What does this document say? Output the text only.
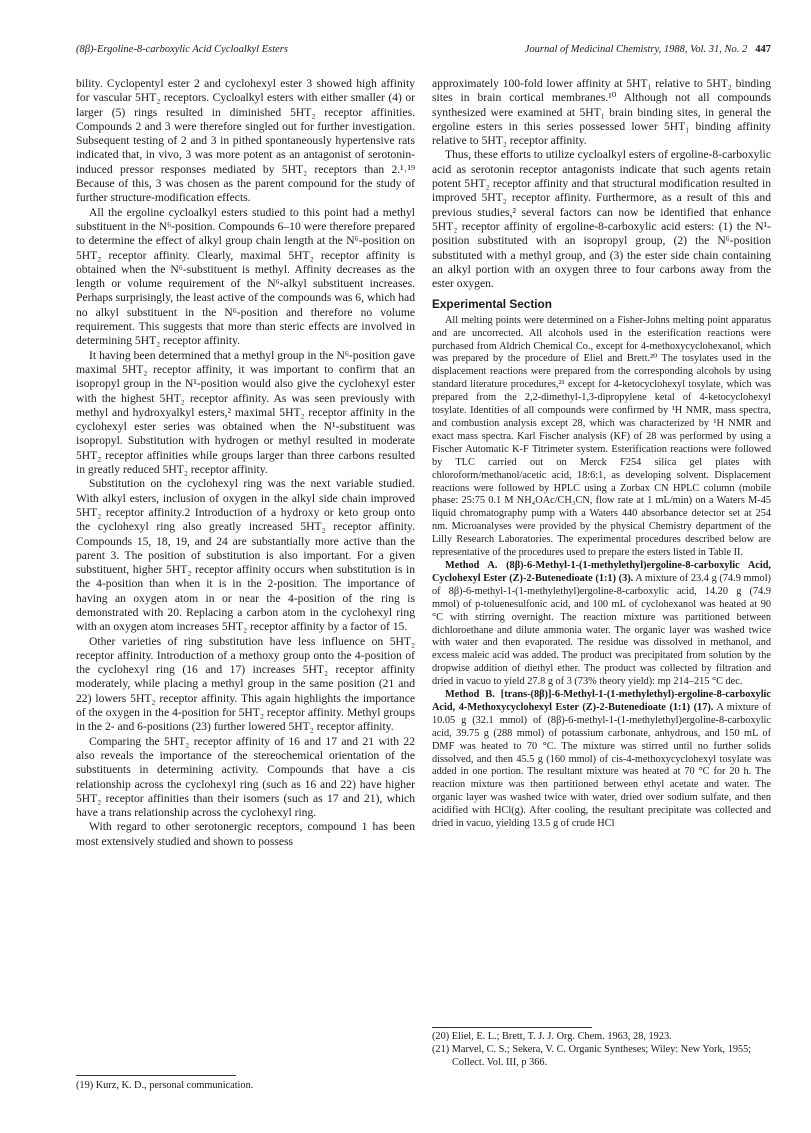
(8β)-Ergoline-8-carboxylic Acid Cycloalkyl Esters	Journal of Medicinal Chemistry, 1988, Vol. 31, No. 2 447

bility. Cyclopentyl ester 2 and cyclohexyl ester 3 showed high affinity for vascular 5HT₂ receptors. Cycloalkyl esters with either smaller (4) or larger (5) rings resulted in diminished 5HT₂ receptor affinities. Compounds 2 and 3 were therefore singled out for further investigation. Subsequent testing of 2 and 3 in pithed spontaneously hypertensive rats indicated that, in vivo, 3 was more potent as an antagonist of serotonin-induced pressor responses mediated by 5HT₂ receptors than 2.¹˒¹⁹ Because of this, 3 was chosen as the parent compound for the study of further structure-modification effects.

All the ergoline cycloalkyl esters studied to this point had a methyl substituent in the N⁶-position. Compounds 6–10 were therefore prepared to determine the effect of alkyl group chain length at the N⁶-position on 5HT₂ receptor affinity. Clearly, maximal 5HT₂ receptor affinity is obtained when the N⁶-substituent is methyl. Affinity decreases as the length or volume requirement of the N⁶-alkyl substituent increases. Perhaps surprisingly, the least active of the compounds was 6, which had no alkyl substituent in the N⁶-position and therefore no volume requirement. This suggests that more than steric effects are involved in determining 5HT₂ receptor affinity.

It having been determined that a methyl group in the N⁶-position gave maximal 5HT₂ receptor affinity, it was important to confirm that an isopropyl group in the N¹-position would also give the cyclohexyl ester with the highest 5HT₂ receptor affinity. As was seen previously with methyl and hydroxyalkyl esters,² maximal 5HT₂ receptor affinity in the cyclohexyl ester series was obtained when the N¹-substituent was isopropyl. Substitution with hydrogen or methyl resulted in moderate 5HT₂ receptor affinities while groups larger than three carbons resulted in greatly reduced 5HT₂ receptor affinity.

Substitution on the cyclohexyl ring was the next variable studied. With alkyl esters, inclusion of oxygen in the alkyl side chain improved 5HT₂ receptor affinity.2 Introduction of a hydroxy or keto group onto the cyclohexyl ring also greatly increased 5HT₂ receptor affinity. Compounds 15, 18, 19, and 24 are substantially more active than the parent 3. The position of substitution is also important. For a given substituent, higher 5HT₂ receptor affinity occurs when substitution is in the 4-position than when it is in the 2-position. The importance of having an oxygen atom in or near the 4-position of the ring is demonstrated with 20. Replacing a carbon atom in the cyclohexyl ring with an oxygen atom increases 5HT₂ receptor affinity by a factor of 15.

Other varieties of ring substitution have less influence on 5HT₂ receptor affinity. Introduction of a methoxy group onto the 4-position of the cyclohexyl ring (16 and 17) increases 5HT₂ receptor affinity moderately, while placing a methyl group in the same position (21 and 22) lowers 5HT₂ receptor affinity. This again highlights the importance of the oxygen in the 4-position for 5HT₂ receptor affinity. Methyl groups in the 2- and 6-positions (23) further lowered 5HT₂ receptor affinity.

Comparing the 5HT₂ receptor affinity of 16 and 17 and 21 with 22 also reveals the importance of the stereochemical orientation of the substituents in determining activity. Compounds that have a cis relationship across the cyclohexyl ring (such as 16 and 22) have higher 5HT₂ receptor affinities than their isomers (such as 17 and 21), which have a trans relationship across the cyclohexyl ring.

With regard to other serotonergic receptors, compound 1 has been most extensively studied and shown to possess

approximately 100-fold lower affinity at 5HT₁ relative to 5HT₂ binding sites in brain cortical membranes.¹⁰ Although not all compounds synthesized were examined at 5HT₁ brain binding sites, in general the ergoline esters in this series possessed lower 5HT₁ binding affinity relative to 5HT₂ receptor affinity.

Thus, these efforts to utilize cycloalkyl esters of ergoline-8-carboxylic acid as serotonin receptor antagonists indicate that such agents retain potent 5HT₂ receptor affinity and that structural modification resulted in improved 5HT₂ receptor affinity. Furthermore, as a result of this and previous studies,² several factors can now be identified that enhance 5HT₂ receptor affinity of ergoline-8-carboxylic acid esters: (1) the N¹-position substituted with an isopropyl group, (2) the N⁶-position substituted with a methyl group, and (3) the ester side chain containing an alkyl portion with an oxygen three to four carbons away from the ester oxygen.

Experimental Section

All melting points were determined on a Fisher-Johns melting point apparatus and are uncorrected. All alcohols used in the esterification reactions were purchased from Aldrich Chemical Co., except for 4-methoxycyclohexanol, which was prepared by the procedure of Eliel and Brett.²⁰ The tosylates used in the displacement reactions were prepared from the corresponding alcohols by using standard literature procedures,²¹ except for 4-ketocyclohexyl tosylate, which was prepared from the 2,2-dimethyl-1,3-dipropylene ketal of 4-ketocyclohexyl tosylate. Identities of all compounds were confirmed by ¹H NMR, mass spectra, and combustion analysis except 28, which was characterized by ¹H NMR and exact mass spectra. Karl Fischer analysis (KF) of 28 was performed by using a Fischer Automatic K-F Titrimeter system. Esterification reactions were followed by TLC carried out on Merck F254 silica gel plates with chloroform/methanol/acetic acid, 18:6:1, as developing solvent. Displacement reactions were followed by HPLC using a Zorbax CN HPLC column (mobile phase: 25:75 0.1 M NH₄OAc/CH₃CN, flow rate at 1 mL/min) on a Waters M-45 liquid chromatography pump with a Waters 440 absorbance detector set at 254 nm. Microanalyses were provided by the physical Chemistry department of the Lilly Research Laboratories. The experimental procedures described below are representative of the procedures used to prepare the esters listed in Table II.

Method A. (8β)-6-Methyl-1-(1-methylethyl)ergoline-8-carboxylic Acid, Cyclohexyl Ester (Z)-2-Butenedioate (1:1) (3). A mixture of 23.4 g (74.9 mmol) of 8β)-6-methyl-1-(1-methylethyl)ergoline-8-carboxylic acid, 14.20 g (74.9 mmol) of p-toluenesulfonic acid, and 100 mL of cyclohexanol was heated at 90 °C with stirring overnight. The reaction mixture was partitioned between dichloroethane and dilute ammonia water. The organic layer was washed twice with water and then evaporated. The residue was dissolved in methanol, and excess maleic acid was added. The product was precipitated from solution by the dropwise addition of diethyl ether. The product was collected by filtration and dried in vacuo to yield 27.8 g of 3 (73% theory yield): mp 214–215 °C dec.

Method B. [trans-(8β)]-6-Methyl-1-(1-methylethyl)-ergoline-8-carboxylic Acid, 4-Methoxycyclohexyl Ester (Z)-2-Butenedioate (1:1) (17). A mixture of 10.05 g (32.1 mmol) of (8β)-6-methyl-1-(1-methylethyl)ergoline-8-carboxylic acid, 39.75 g (288 mmol) of potassium carbonate, anhydrous, and 150 mL of DMF was heated to 70 °C. The mixture was stirred until no further solids dissolved, and then 45.5 g (160 mmol) of cis-4-methoxycyclohexyl tosylate was added in one portion. The resultant mixture was heated at 70 °C for 20 h. The reaction mixture was then partitioned between ethyl acetate and water. The organic layer was washed twice with water, dried over sodium sulfate, and then acidified with HCl(g). After cooling, the resultant precipitate was collected and dried in vacuo, yielding 13.5 g of crude HCl

(19) Kurz, K. D., personal communication.

(20) Eliel, E. L.; Brett, T. J. J. Org. Chem. 1963, 28, 1923.

(21) Marvel, C. S.; Sekera, V. C. Organic Syntheses; Wiley: New York, 1955; Collect. Vol. III, p 366.
